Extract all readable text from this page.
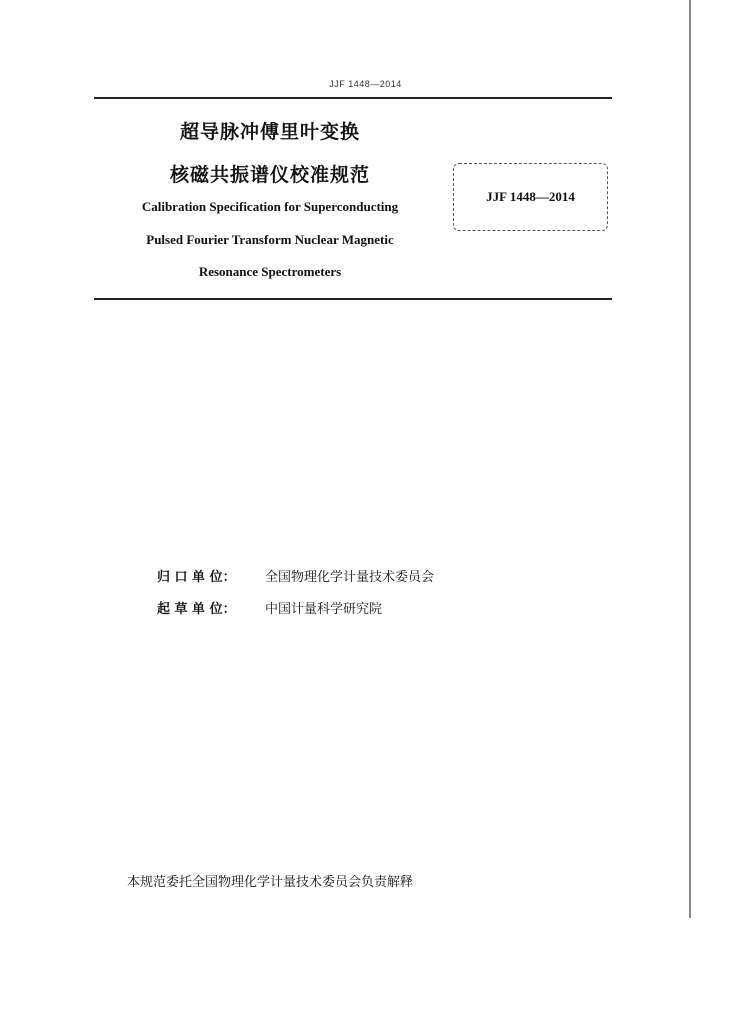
JJF 1448—2014
超导脉冲傅里叶变换
核磁共振谱仪校准规范
Calibration Specification for Superconducting
Pulsed Fourier Transform Nuclear Magnetic
Resonance Spectrometers
JJF 1448—2014
归 口 单 位： 全国物理化学计量技术委员会
起 草 单 位： 中国计量科学研究院
本规范委托全国物理化学计量技术委员会负责解释
